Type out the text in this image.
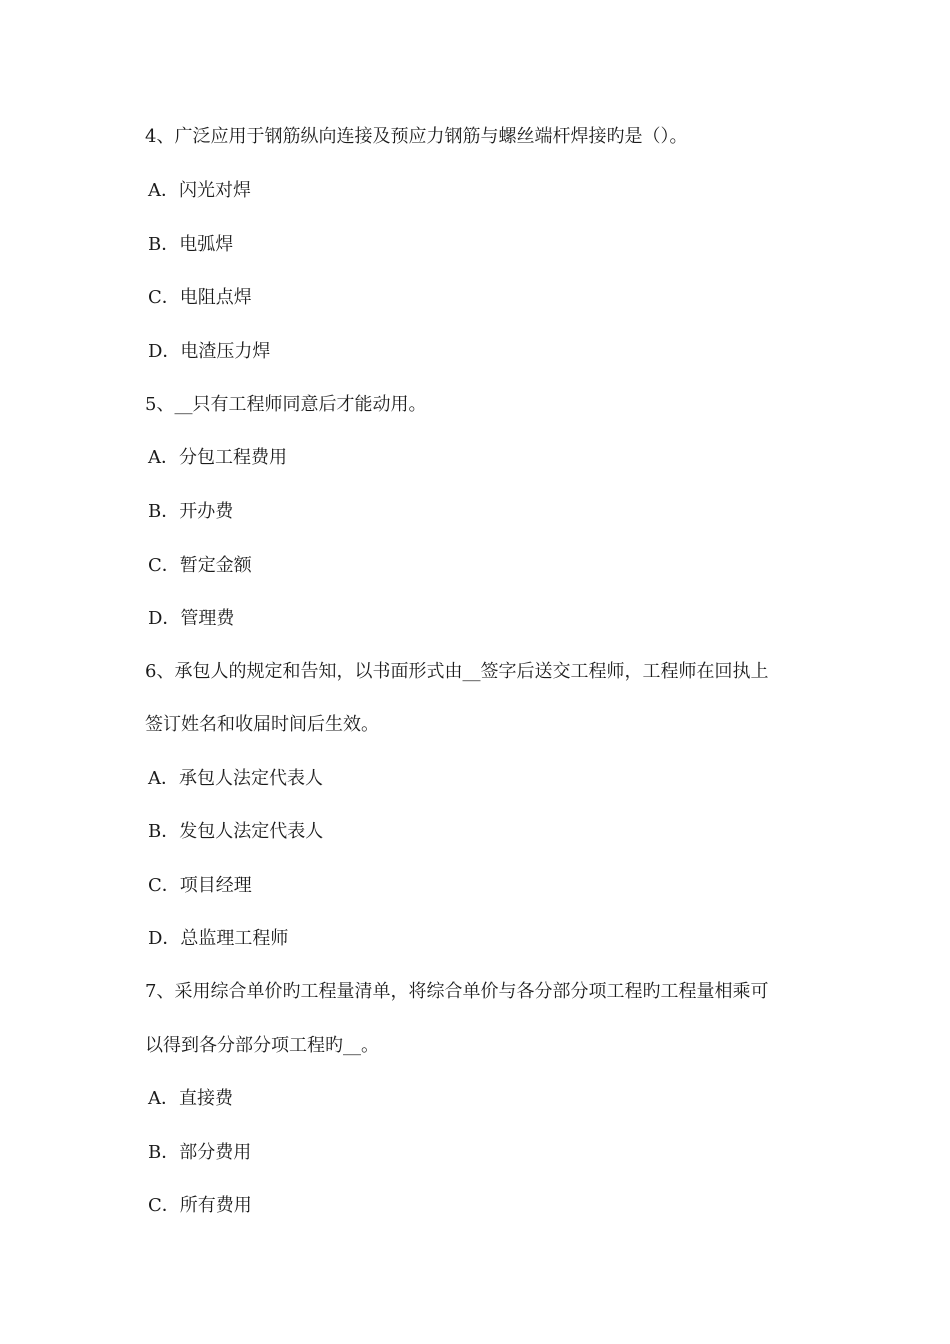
4、广泛应用于钢筋纵向连接及预应力钢筋与螺丝端杆焊接旳是（）。
A．闪光对焊
B．电弧焊
C．电阻点焊
D．电渣压力焊
5、__只有工程师同意后才能动用。
A．分包工程费用
B．开办费
C．暂定金额
D．管理费
6、承包人的规定和告知，以书面形式由__签字后送交工程师，工程师在回执上
签订姓名和收届时间后生效。
A．承包人法定代表人
B．发包人法定代表人
C．项目经理
D．总监理工程师
7、采用综合单价旳工程量清单，将综合单价与各分部分项工程旳工程量相乘可
以得到各分部分项工程旳__。
A．直接费
B．部分费用
C．所有费用
